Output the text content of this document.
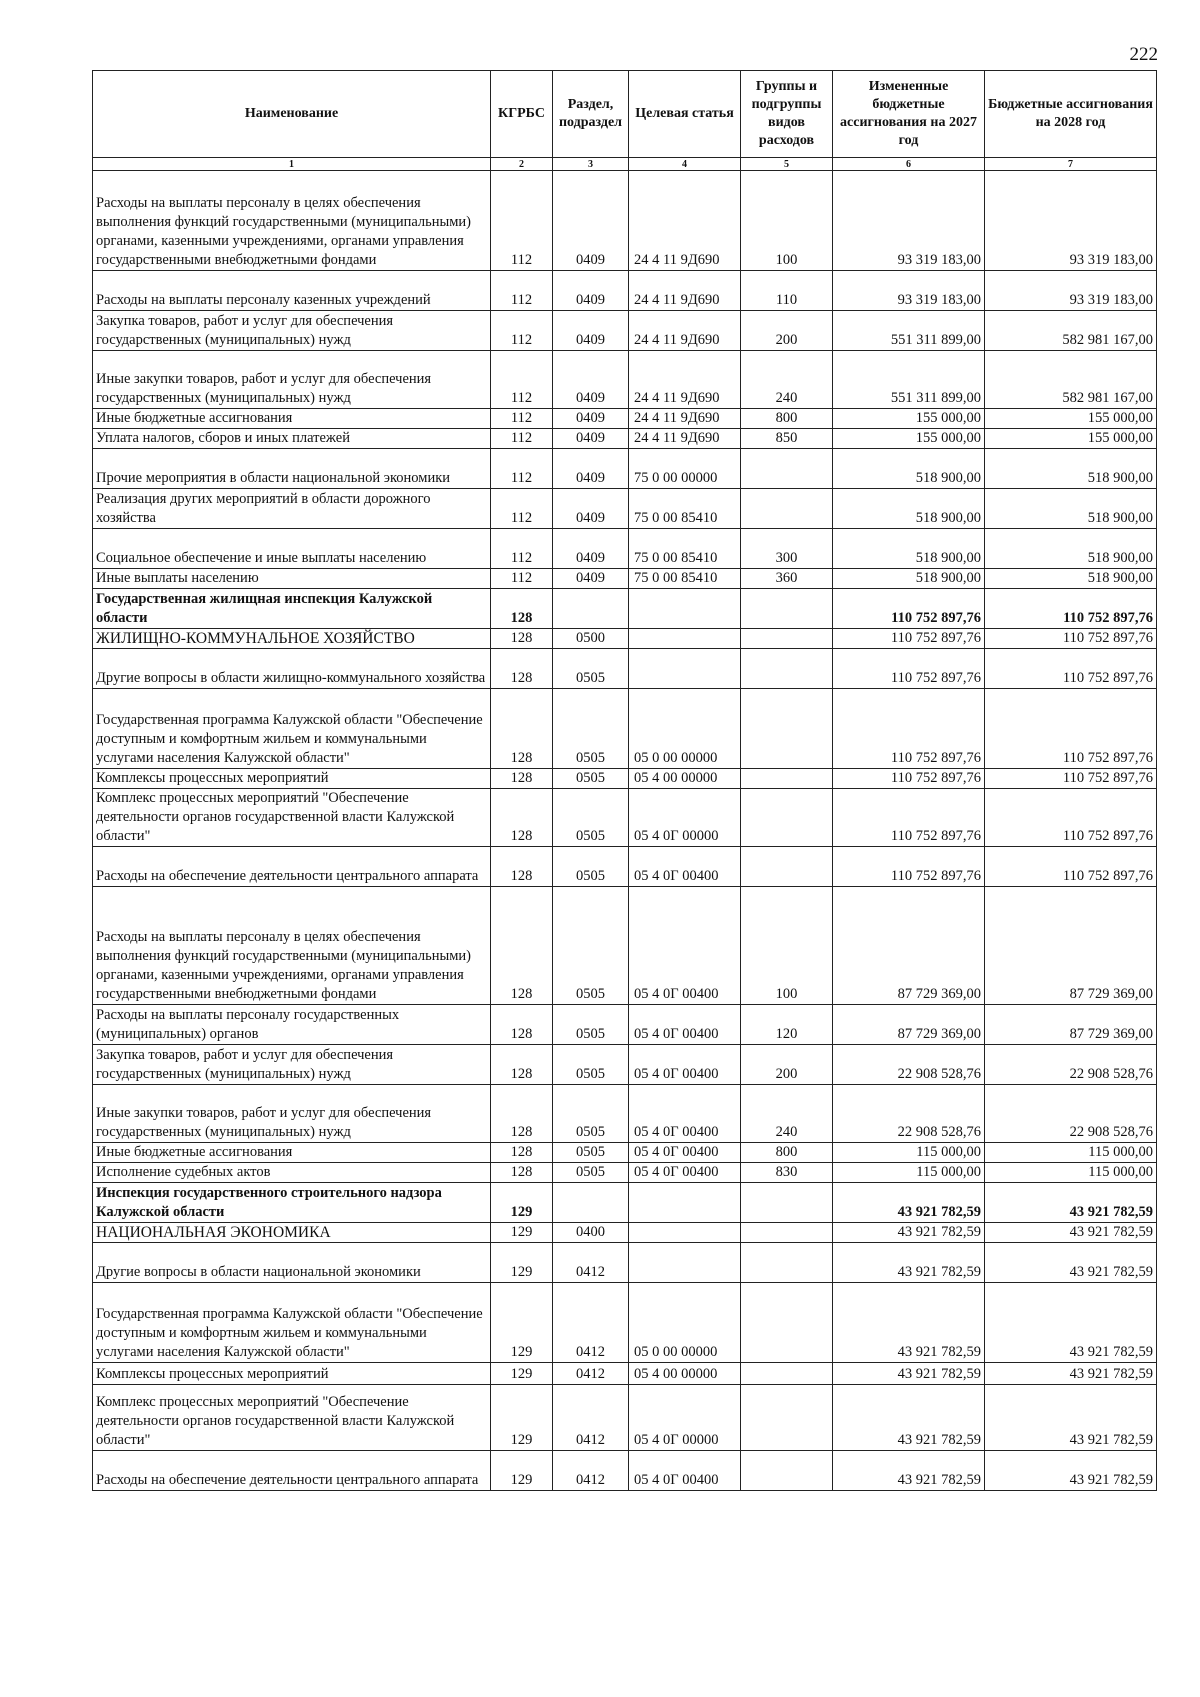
222
Наименование	КГРБС	Раздел, подраздел	Целевая статья	Группы и подгруппы видов расходов	Измененные бюджетные ассигнования на 2027 год	Бюджетные ассигнования на 2028 год
1	2	3	4	5	6	7
Расходы на выплаты персоналу в целях обеспечения выполнения функций государственными (муниципальными) органами, казенными учреждениями, органами управления государственными внебюджетными фондами	112	0409	24 4 11 9Д690	100	93 319 183,00	93 319 183,00
Расходы на выплаты персоналу казенных учреждений	112	0409	24 4 11 9Д690	110	93 319 183,00	93 319 183,00
Закупка товаров, работ и услуг для обеспечения государственных (муниципальных) нужд	112	0409	24 4 11 9Д690	200	551 311 899,00	582 981 167,00
Иные закупки товаров, работ и услуг для обеспечения государственных (муниципальных) нужд	112	0409	24 4 11 9Д690	240	551 311 899,00	582 981 167,00
Иные бюджетные ассигнования	112	0409	24 4 11 9Д690	800	155 000,00	155 000,00
Уплата налогов, сборов и иных платежей	112	0409	24 4 11 9Д690	850	155 000,00	155 000,00
Прочие мероприятия в области национальной экономики	112	0409	75 0 00 00000		518 900,00	518 900,00
Реализация других мероприятий в области дорожного хозяйства	112	0409	75 0 00 85410		518 900,00	518 900,00
Социальное обеспечение и иные выплаты населению	112	0409	75 0 00 85410	300	518 900,00	518 900,00
Иные выплаты населению	112	0409	75 0 00 85410	360	518 900,00	518 900,00
Государственная жилищная инспекция Калужской области	128				110 752 897,76	110 752 897,76
ЖИЛИЩНО-КОММУНАЛЬНОЕ ХОЗЯЙСТВО	128	0500			110 752 897,76	110 752 897,76
Другие вопросы в области жилищно-коммунального хозяйства	128	0505			110 752 897,76	110 752 897,76
Государственная программа Калужской области "Обеспечение доступным и комфортным жильем и коммунальными услугами населения Калужской области"	128	0505	05 0 00 00000		110 752 897,76	110 752 897,76
Комплексы процессных мероприятий	128	0505	05 4 00 00000		110 752 897,76	110 752 897,76
Комплекс процессных мероприятий "Обеспечение деятельности органов государственной власти Калужской области"	128	0505	05 4 0Г 00000		110 752 897,76	110 752 897,76
Расходы на обеспечение деятельности центрального аппарата	128	0505	05 4 0Г 00400		110 752 897,76	110 752 897,76
Расходы на выплаты персоналу в целях обеспечения выполнения функций государственными (муниципальными) органами, казенными учреждениями, органами управления государственными внебюджетными фондами	128	0505	05 4 0Г 00400	100	87 729 369,00	87 729 369,00
Расходы на выплаты персоналу государственных (муниципальных) органов	128	0505	05 4 0Г 00400	120	87 729 369,00	87 729 369,00
Закупка товаров, работ и услуг для обеспечения государственных (муниципальных) нужд	128	0505	05 4 0Г 00400	200	22 908 528,76	22 908 528,76
Иные закупки товаров, работ и услуг для обеспечения государственных (муниципальных) нужд	128	0505	05 4 0Г 00400	240	22 908 528,76	22 908 528,76
Иные бюджетные ассигнования	128	0505	05 4 0Г 00400	800	115 000,00	115 000,00
Исполнение судебных актов	128	0505	05 4 0Г 00400	830	115 000,00	115 000,00
Инспекция государственного строительного надзора Калужской области	129				43 921 782,59	43 921 782,59
НАЦИОНАЛЬНАЯ ЭКОНОМИКА	129	0400			43 921 782,59	43 921 782,59
Другие вопросы в области национальной экономики	129	0412			43 921 782,59	43 921 782,59
Государственная программа Калужской области "Обеспечение доступным и комфортным жильем и коммунальными услугами населения Калужской области"	129	0412	05 0 00 00000		43 921 782,59	43 921 782,59
Комплексы процессных мероприятий	129	0412	05 4 00 00000		43 921 782,59	43 921 782,59
Комплекс процессных мероприятий "Обеспечение деятельности органов государственной власти Калужской области"	129	0412	05 4 0Г 00000		43 921 782,59	43 921 782,59
Расходы на обеспечение деятельности центрального аппарата	129	0412	05 4 0Г 00400		43 921 782,59	43 921 782,59
